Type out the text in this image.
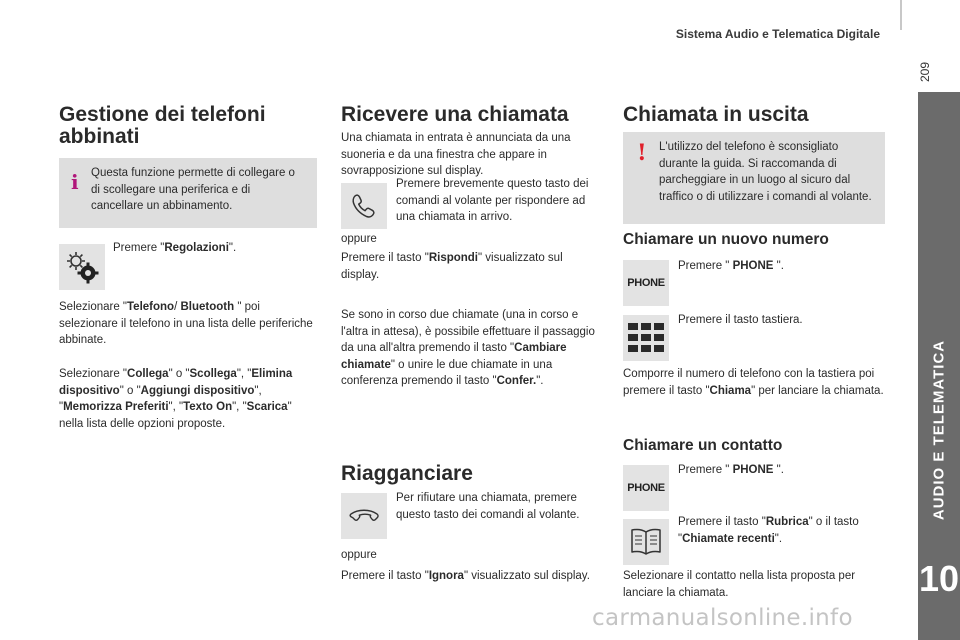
Sistema Audio e Telematica Digitale
209
AUDIO E TELEMATICA
10
Gestione dei telefoni
abbinati
i Questa funzione permette di collegare o di scollegare una periferica e di cancellare un abbinamento.

Premere "Regolazioni".

Selezionare "Telefono/ Bluetooth " poi selezionare il telefono in una lista delle periferiche abbinate.

Selezionare "Collega" o "Scollega", "Elimina dispositivo" o "Aggiungi dispositivo", "Memorizza Preferiti", "Texto On", "Scarica" nella lista delle opzioni proposte.

Ricevere una chiamata

Una chiamata in entrata è annunciata da una suoneria e da una finestra che appare in sovrapposizione sul display.

Premere brevemente questo tasto dei comandi al volante per rispondere ad una chiamata in arrivo.

oppure

Premere il tasto "Rispondi" visualizzato sul display.

Se sono in corso due chiamate (una in corso e l'altra in attesa), è possibile effettuare il passaggio da una all'altra premendo il tasto "Cambiare chiamate" o unire le due chiamate in una conferenza premendo il tasto "Confer.".

Riagganciare

Per rifiutare una chiamata, premere questo tasto dei comandi al volante.

oppure

Premere il tasto "Ignora" visualizzato sul display.

Chiamata in uscita
! L'utilizzo del telefono è sconsigliato durante la guida. Si raccomanda di parcheggiare in un luogo al sicuro dal traffico o di utilizzare i comandi al volante.

Chiamare un nuovo numero
PHONE

Premere " PHONE ".

Premere il tasto tastiera.

Comporre il numero di telefono con la tastiera poi premere il tasto "Chiama" per lanciare la chiamata.

Chiamare un contatto
PHONE

Premere " PHONE ".

Premere il tasto "Rubrica" o il tasto "Chiamate recenti".

Selezionare il contatto nella lista proposta per lanciare la chiamata.

carmanualsonline.info
